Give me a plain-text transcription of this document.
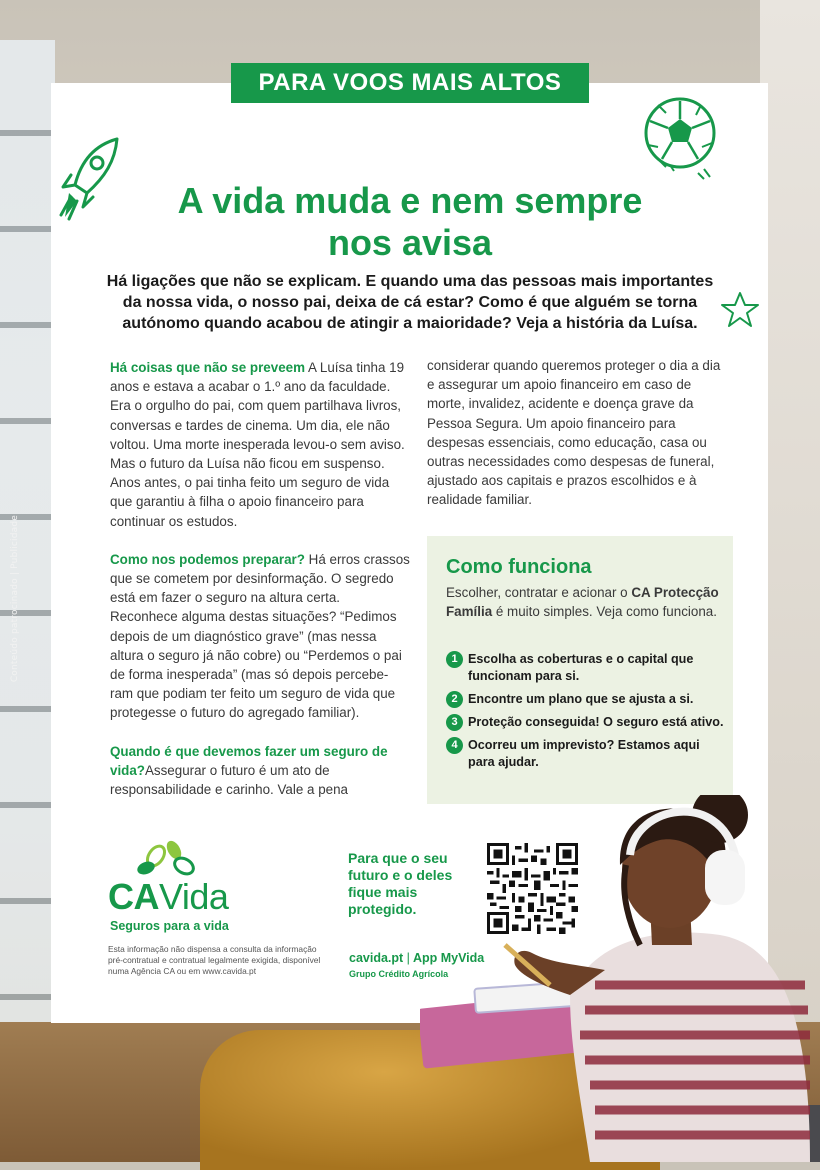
Conteúdo patrocinado | Publicidade
PARA VOOS MAIS ALTOS
A vida muda e nem sempre
nos avisa
Há ligações que não se explicam. E quando uma das pessoas mais importantes da nossa vida, o nosso pai, deixa de cá estar? Como é que alguém se torna autónomo quando acabou de atingir a maioridade? Veja a história da Luísa.

Há coisas que não se preveem A Luísa tinha 19 anos e estava a acabar o 1.º ano da faculdade. Era o orgulho do pai, com quem partilhava livros, conversas e tardes de cinema. Um dia, ele não voltou. Uma morte inesperada levou-o sem aviso. Mas o futuro da Luísa não ficou em suspenso. Anos antes, o pai tinha feito um seguro de vida que garantiu à filha o apoio financeiro para continuar os estudos.

Como nos podemos preparar? Há erros crassos que se cometem por desinformação. O segredo está em fazer o seguro na altura certa. Reconhece alguma destas situações? “Pedimos depois de um diagnóstico grave” (mas nessa altura o seguro já não cobre) ou “Perdemos o pai de forma inesperada” (mas só depois percebe-ram que podiam ter feito um seguro de vida que protegesse o futuro do agregado familiar).

Quando é que devemos fazer um seguro de vida?Assegurar o futuro é um ato de responsabilidade e carinho. Vale a pena

considerar quando queremos proteger o dia a dia e assegurar um apoio financeiro em caso de morte, invalidez, acidente e doença grave da Pessoa Segura. Um apoio financeiro para despesas essenciais, como educação, casa ou outras necessidades como despesas de funeral, ajustado aos capitais e prazos escolhidos e à realidade familiar.

Como funciona
Escolher, contratar e acionar o CA Protecção Família é muito simples. Veja como funciona.
1 Escolha as coberturas e o capital que funcionam para si.
2 Encontre um plano que se ajusta a si.
3 Proteção conseguida! O seguro está ativo.
4 Ocorreu um imprevisto? Estamos aqui para ajudar.
CAVida
Seguros para a vida
Esta informação não dispensa a consulta da informação pré-contratual e contratual legalmente exigida, disponível numa Agência CA ou em www.cavida.pt
Para que o seu futuro e o deles fique mais protegido.
cavida.pt | App MyVida
Grupo Crédito Agrícola
